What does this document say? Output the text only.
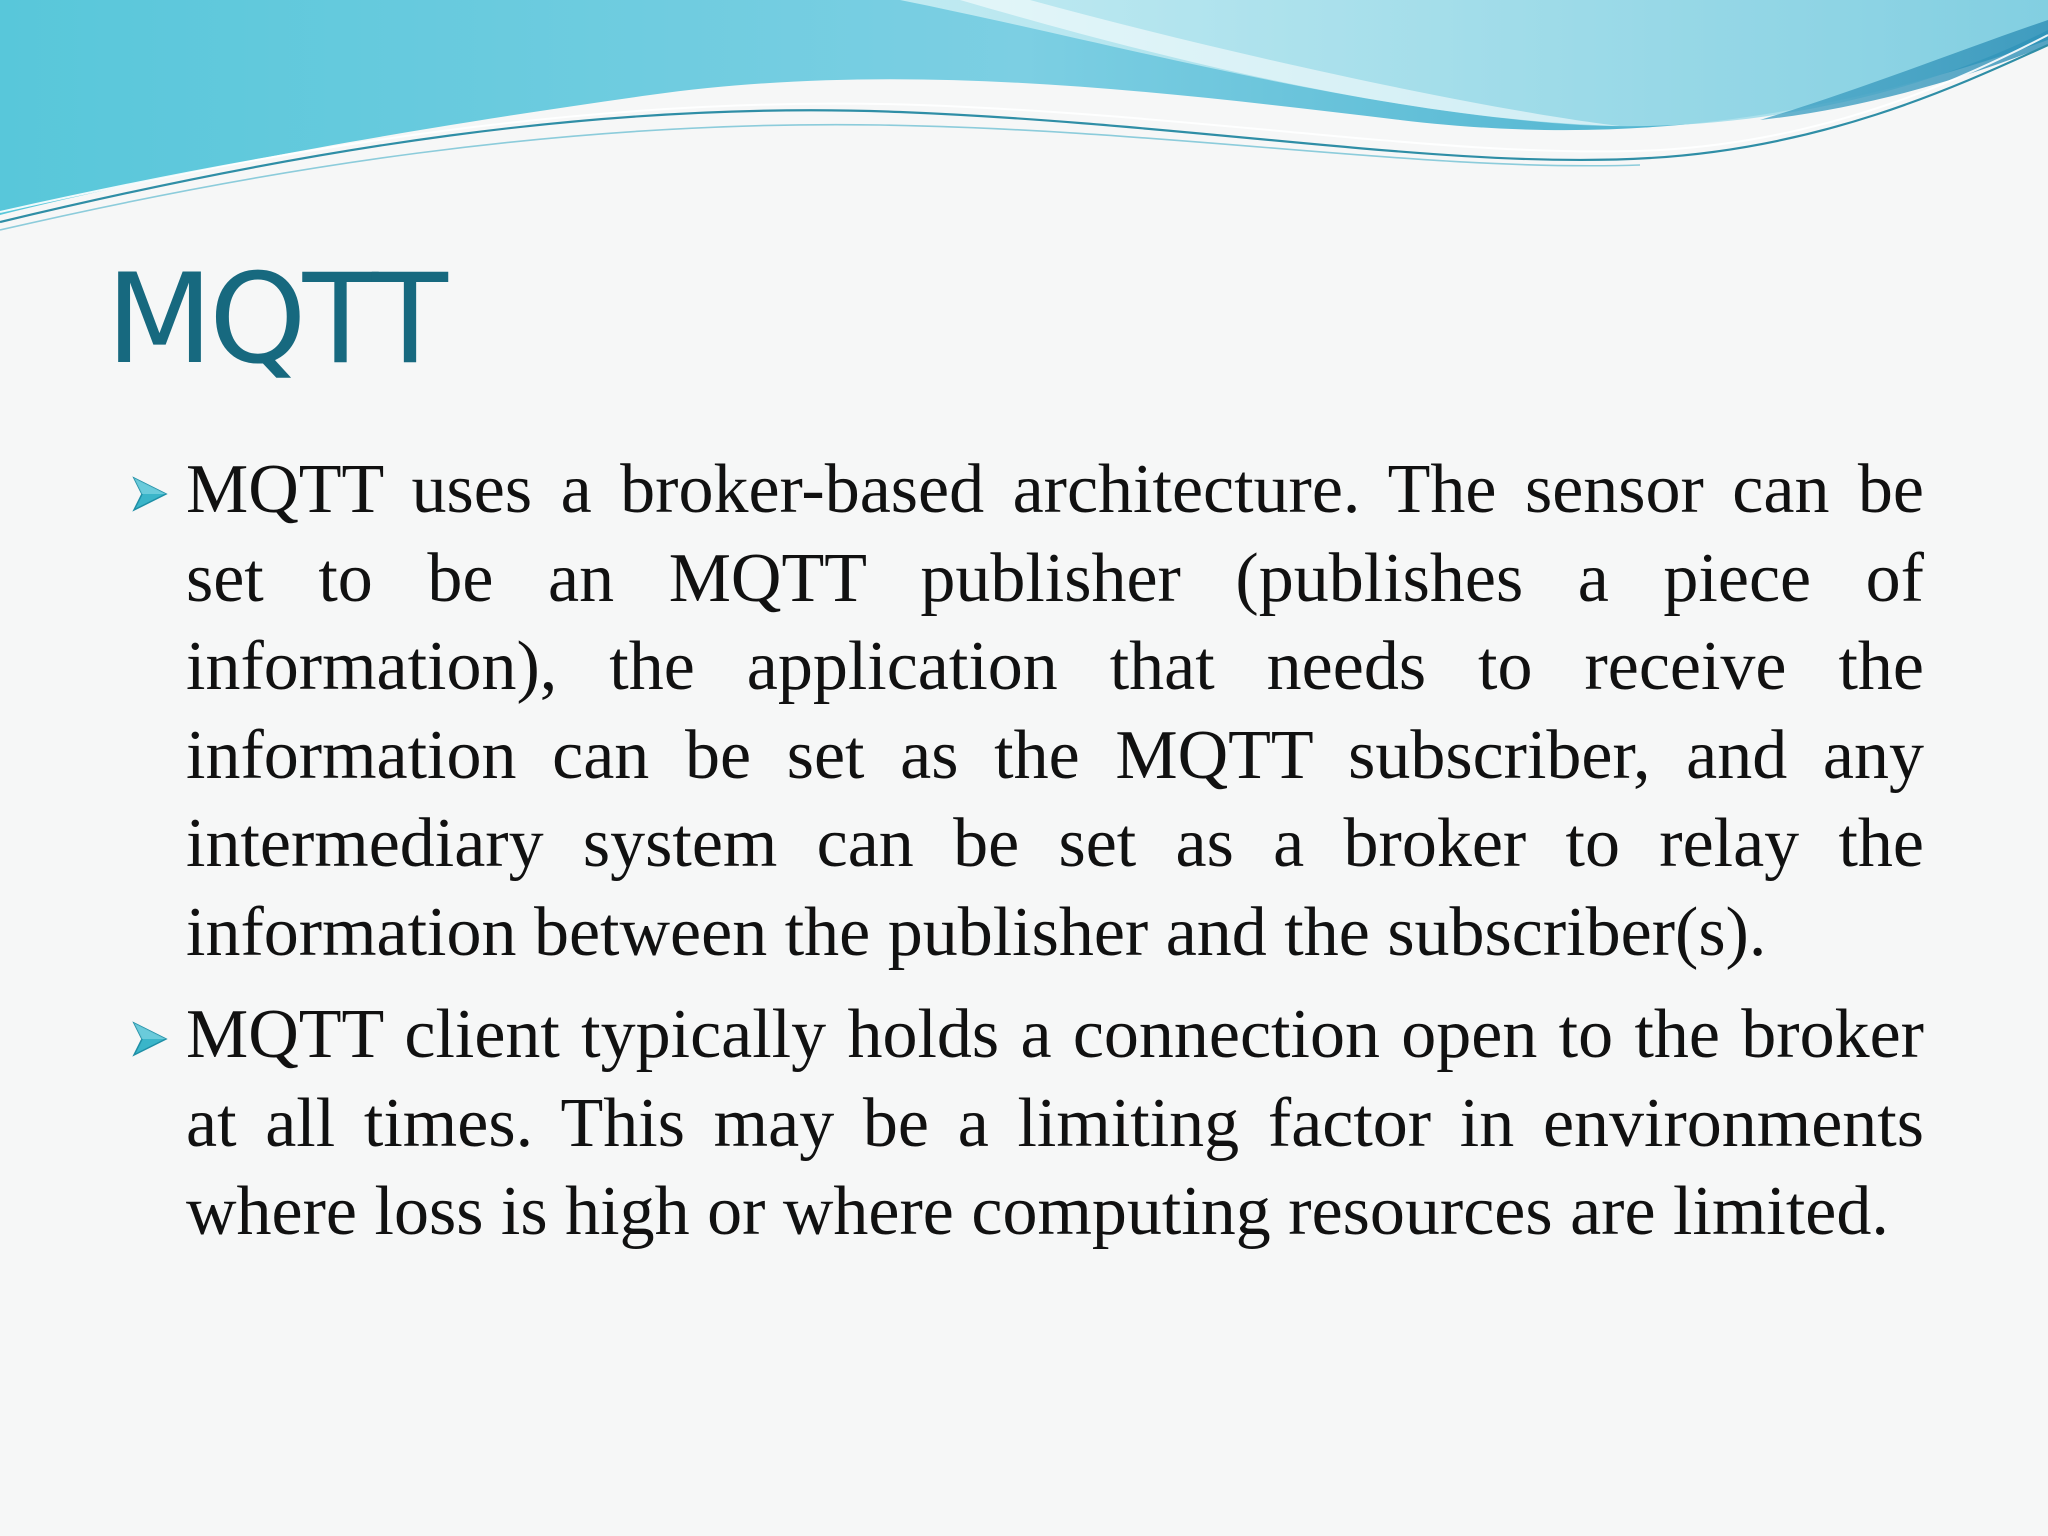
MQTT
MQTT uses a broker-based architecture. The sensor can be set to be an MQTT publisher (publishes a piece of information), the application that needs to receive the information can be set as the MQTT subscriber, and any intermediary system can be set as a broker to relay the information between the publisher and the subscriber(s).
MQTT client typically holds a connection open to the broker at all times. This may be a limiting factor in environments where loss is high or where computing resources are limited.
